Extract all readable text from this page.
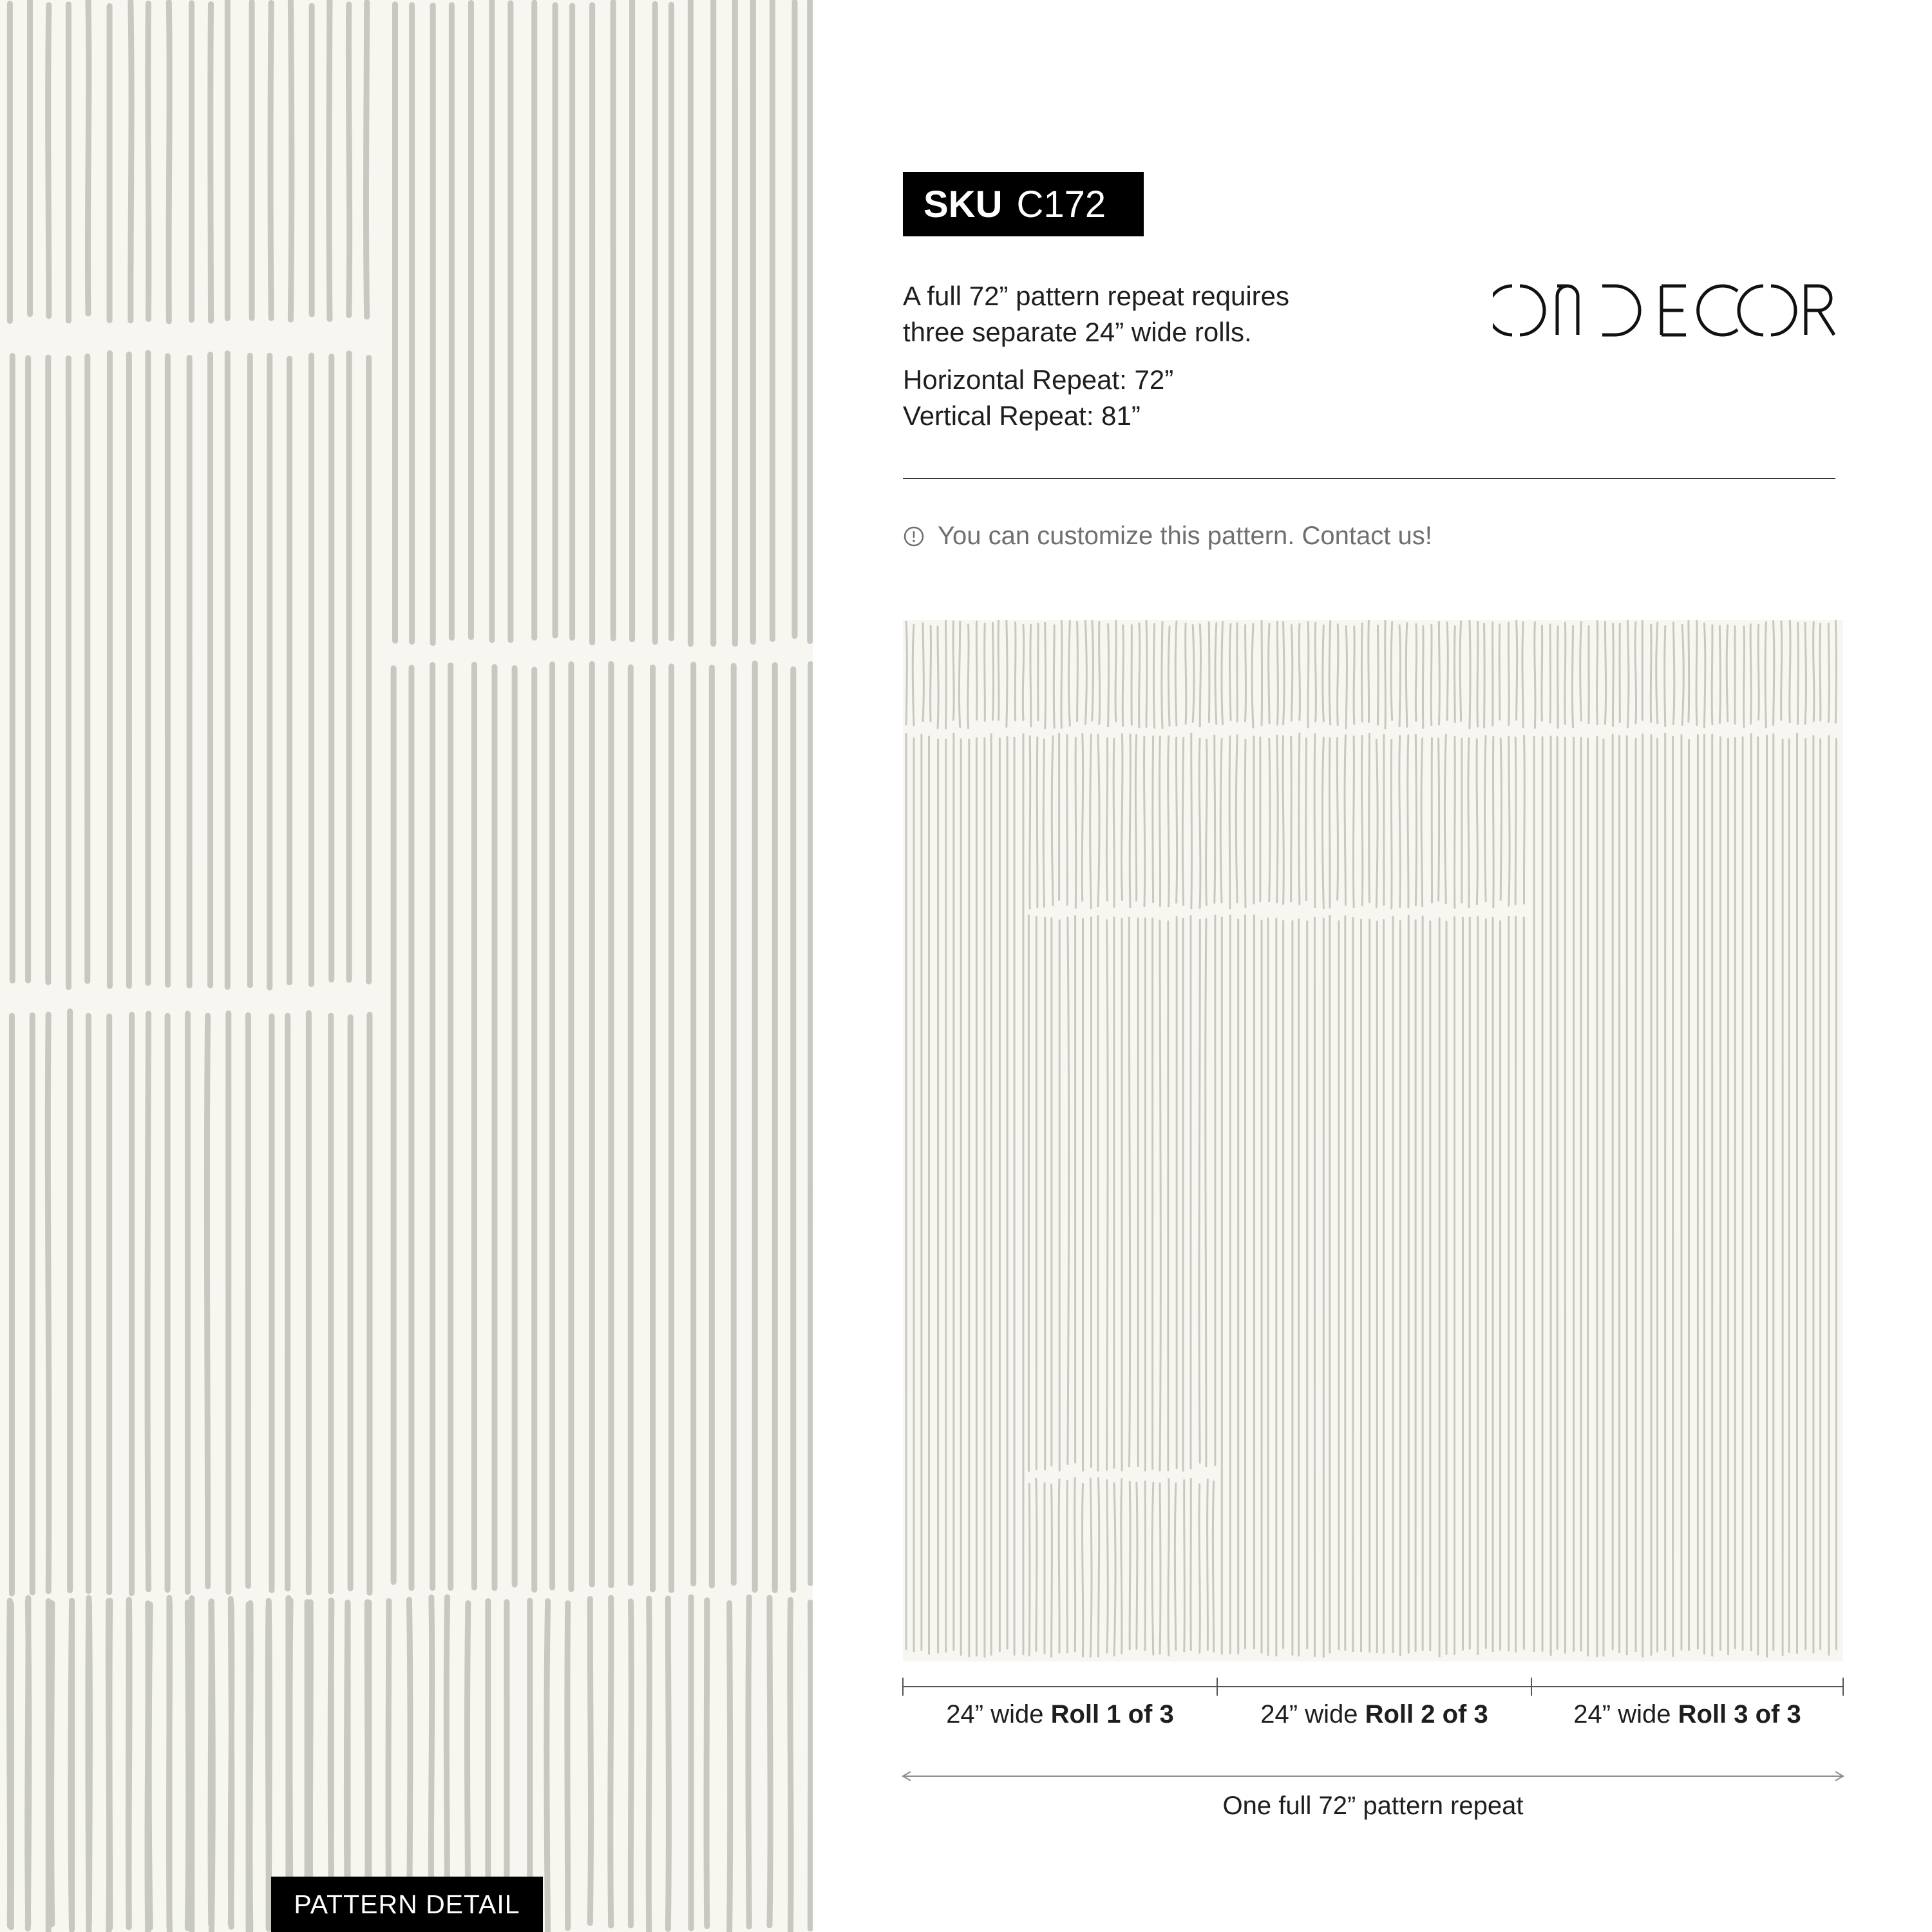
PATTERN DETAIL
SKU C172
A full 72” pattern repeat requires
three separate 24” wide rolls.
Horizontal Repeat: 72”
Vertical Repeat: 81”
You can customize this pattern. Contact us!
24” wide Roll 1 of 3	24” wide Roll 2 of 3	24” wide Roll 3 of 3
One full 72” pattern repeat
